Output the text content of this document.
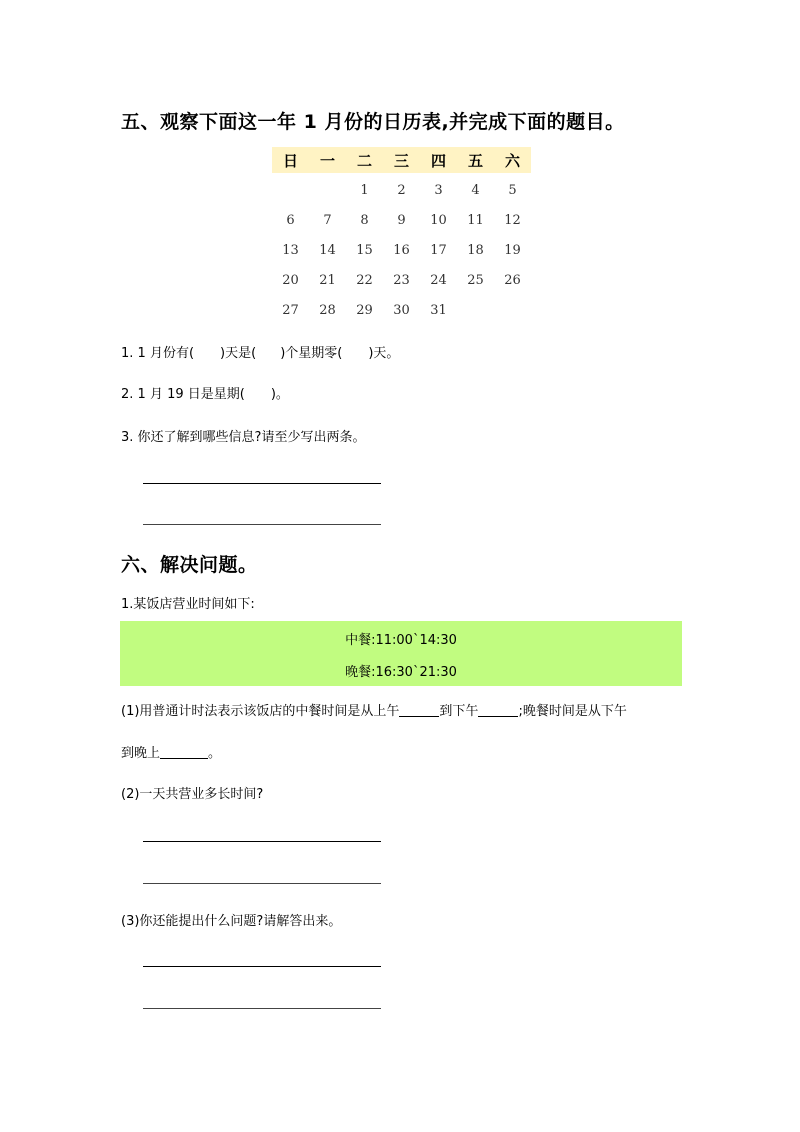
五、观察下面这一年 1 月份的日历表,并完成下面的题目。
日	一	二	三	四	五	六
		1	2	3	4	5
6	7	8	9	10	11	12
13	14	15	16	17	18	19
20	21	22	23	24	25	26
27	28	29	30	31		
1. 1 月份有( )天是( )个星期零( )天。
2. 1 月 19 日是星期( )。
3. 你还了解到哪些信息?请至少写出两条。
六、解决问题。
1.某饭店营业时间如下:
中餐:11:00`14:30
晚餐:16:30`21:30
(1)用普通计时法表示该饭店的中餐时间是从上午	到下午	;晚餐时间是从下午
到晚上	。
(2)一天共营业多长时间?
(3)你还能提出什么问题?请解答出来。
